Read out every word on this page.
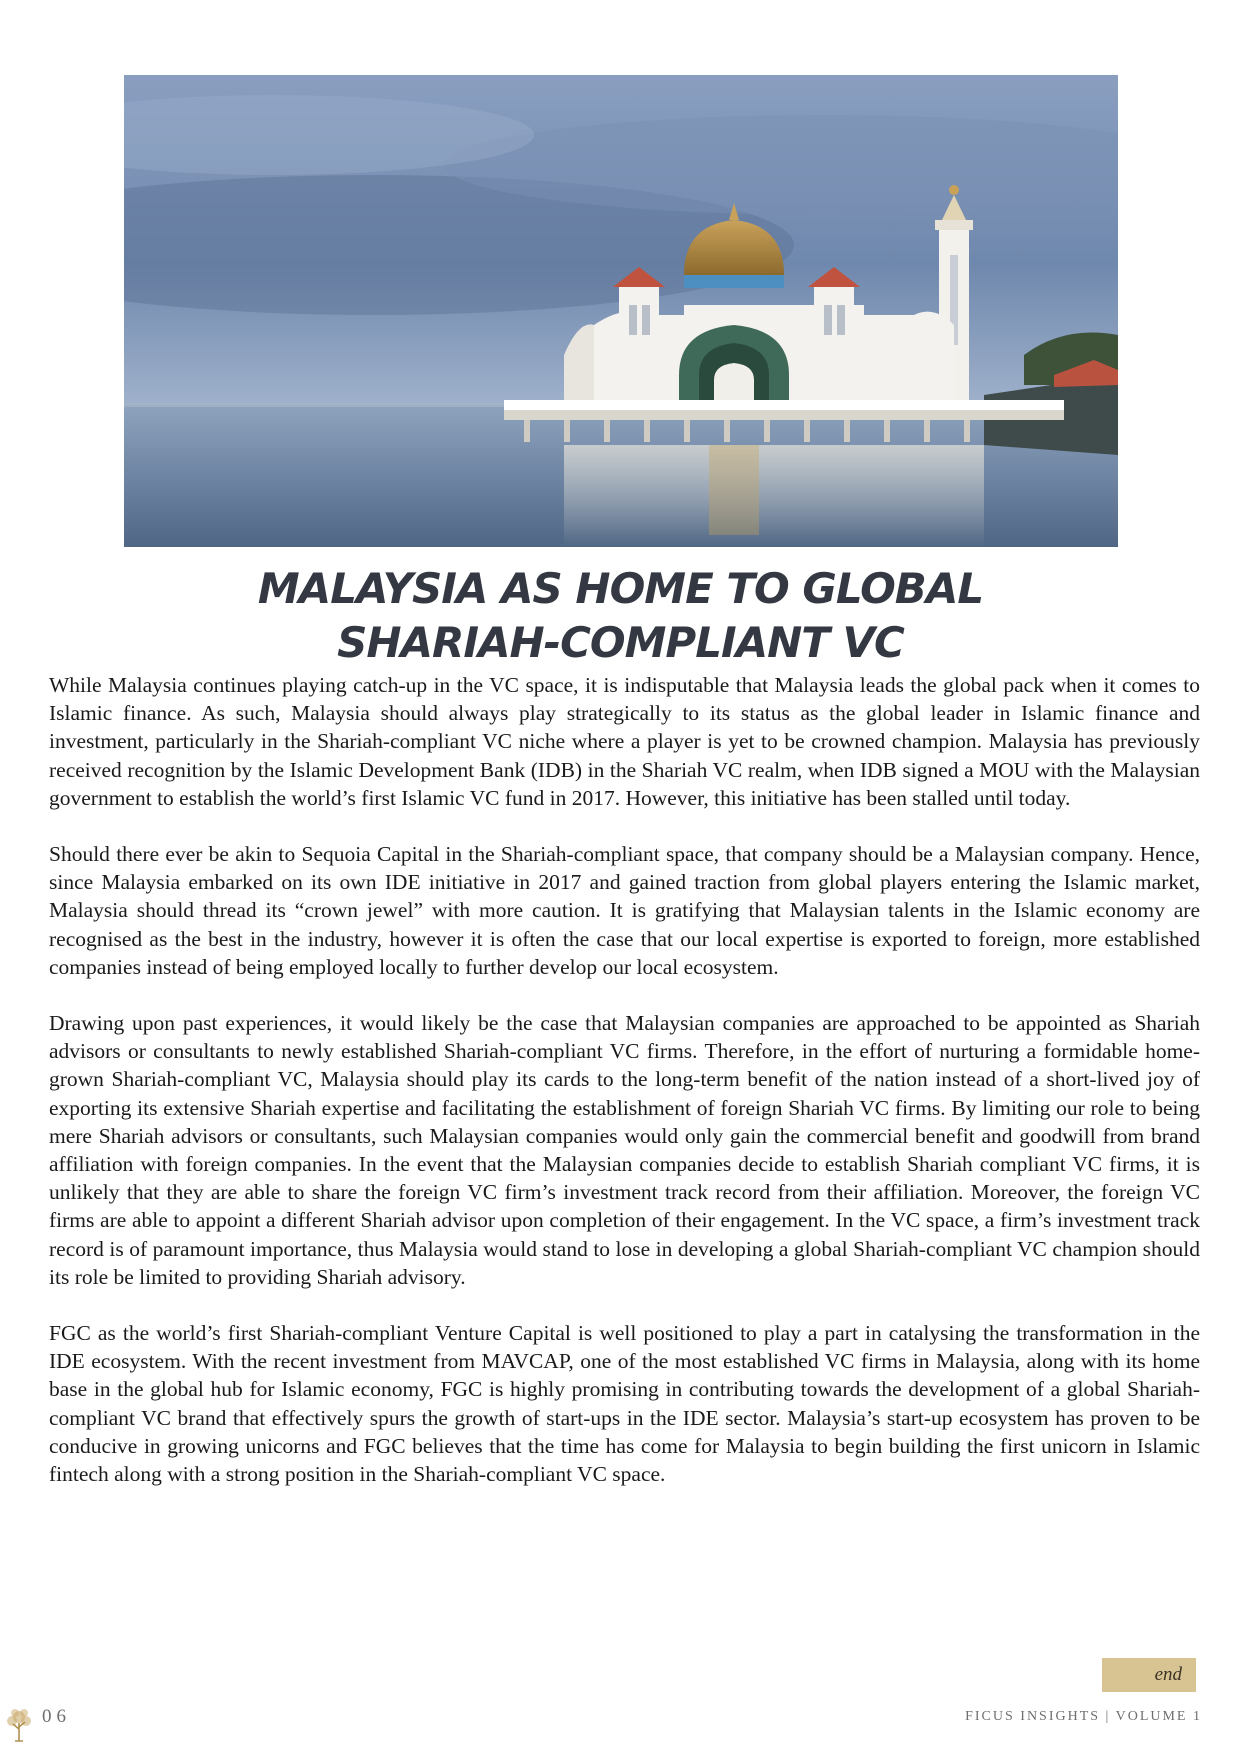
MALAYSIA AS HOME TO GLOBAL
SHARIAH-COMPLIANT VC

While Malaysia continues playing catch-up in the VC space, it is indisputable that Malaysia leads the global pack when it comes to Islamic finance. As such, Malaysia should always play strategically to its status as the global leader in Islamic finance and investment, particularly in the Shariah-compliant VC niche where a player is yet to be crowned champion. Malaysia has previously received recognition by the Islamic Development Bank (IDB) in the Shariah VC realm, when IDB signed a MOU with the Malaysian government to establish the world’s first Islamic VC fund in 2017. However, this initiative has been stalled until today.

Should there ever be akin to Sequoia Capital in the Shariah-compliant space, that company should be a Malaysian company. Hence, since Malaysia embarked on its own IDE initiative in 2017 and gained traction from global players entering the Islamic market, Malaysia should thread its “crown jewel” with more caution. It is gratifying that Malaysian talents in the Islamic economy are recognised as the best in the industry, however it is often the case that our local expertise is exported to foreign, more established companies instead of being employed locally to further develop our local ecosystem.

Drawing upon past experiences, it would likely be the case that Malaysian companies are approached to be appointed as Shariah advisors or consultants to newly established Shariah-compliant VC firms. Therefore, in the effort of nurturing a formidable home-grown Shariah-compliant VC, Malaysia should play its cards to the long-term benefit of the nation instead of a short-lived joy of exporting its extensive Shariah expertise and facilitating the establishment of foreign Shariah VC firms. By limiting our role to being mere Shariah advisors or consultants, such Malaysian companies would only gain the commercial benefit and goodwill from brand affiliation with foreign companies. In the event that the Malaysian companies decide to establish Shariah compliant VC firms, it is unlikely that they are able to share the foreign VC firm’s investment track record from their affiliation. Moreover, the foreign VC firms are able to appoint a different Shariah advisor upon completion of their engagement. In the VC space, a firm’s investment track record is of paramount importance, thus Malaysia would stand to lose in developing a global Shariah-compliant VC champion should its role be limited to providing Shariah advisory.

FGC as the world’s first Shariah-compliant Venture Capital is well positioned to play a part in catalysing the transformation in the IDE ecosystem. With the recent investment from MAVCAP, one of the most established VC firms in Malaysia, along with its home base in the global hub for Islamic economy, FGC is highly promising in contributing towards the development of a global Shariah-compliant VC brand that effectively spurs the growth of start-ups in the IDE sector. Malaysia’s start-up ecosystem has proven to be conducive in growing unicorns and FGC believes that the time has come for Malaysia to begin building the first unicorn in Islamic fintech along with a strong position in the Shariah-compliant VC space.

end
06	FICUS INSIGHTS | VOLUME 1
